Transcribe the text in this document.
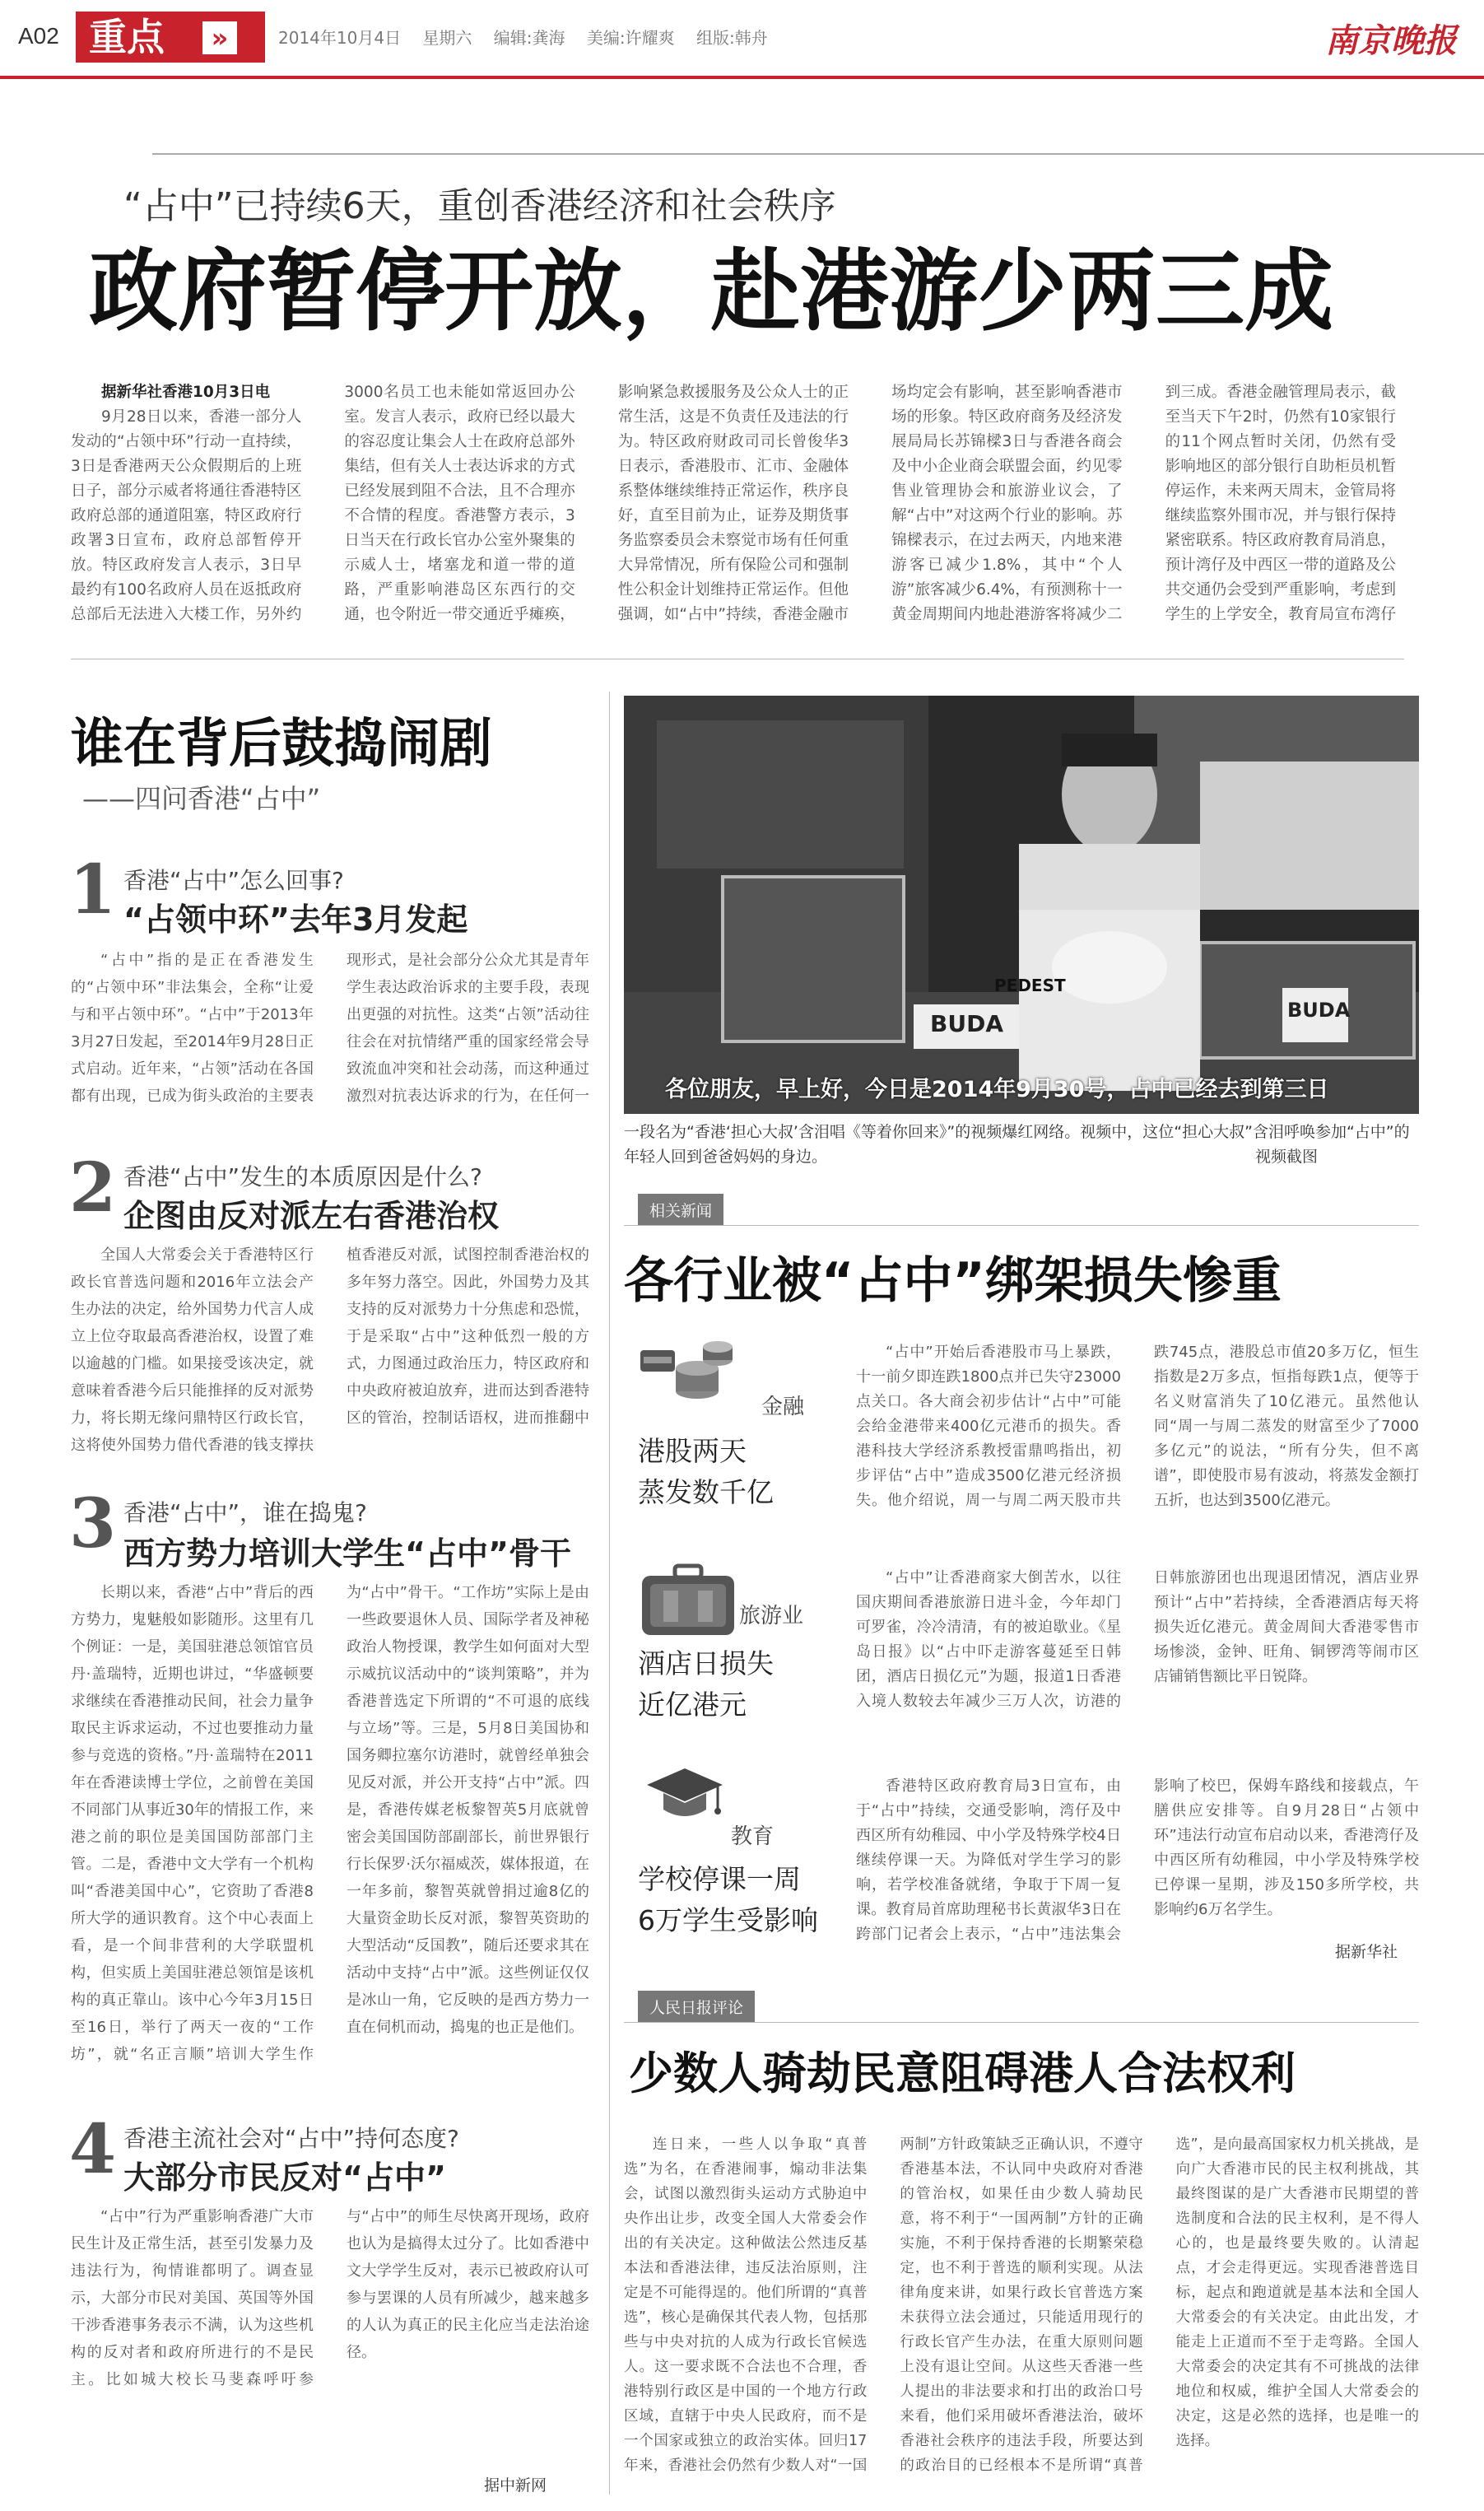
A02 重点	»	2014年10月4日  星期六  编辑:龚海  美编:许耀爽  组版:韩舟	南京晚报
“占中”已持续6天，重创香港经济和社会秩序
政府暂停开放，赴港游少两三成

据新华社香港10月3日电

9月28日以来，香港一部分人发动的“占领中环”行动一直持续，3日是香港两天公众假期后的上班日子，部分示威者将通往香港特区政府总部的通道阻塞，特区政府行政署3日宣布，政府总部暂停开放。特区政府发言人表示，3日早最约有100名政府人员在返抵政府总部后无法进入大楼工作，另外约3000名员工也未能如常返回办公室。发言人表示，政府已经以最大的容忍度让集会人士在政府总部外集结，但有关人士表达诉求的方式已经发展到阻不合法，且不合理亦不合情的程度。香港警方表示，3日当天在行政长官办公室外聚集的示威人士，堵塞龙和道一带的道路，严重影响港岛区东西行的交通，也令附近一带交通近乎瘫痪，影响紧急救援服务及公众人士的正常生活，这是不负责任及违法的行为。特区政府财政司司长曾俊华3日表示，香港股市、汇市、金融体系整体继续维持正常运作，秩序良好，直至目前为止，证券及期货事务监察委员会未察觉市场有任何重大异常情况，所有保险公司和强制性公积金计划维持正常运作。但他强调，如“占中”持续，香港金融市场均定会有影响，甚至影响香港市场的形象。特区政府商务及经济发展局局长苏锦樑3日与香港各商会及中小企业商会联盟会面，约见零售业管理协会和旅游业议会，了解“占中”对这两个行业的影响。苏锦樑表示，在过去两天，内地来港游客已减少1.8%，其中“个人游”旅客减少6.4%，有预测称十一黄金周期间内地赴港游客将减少二到三成。香港金融管理局表示，截至当天下午2时，仍然有10家银行的11个网点暂时关闭，仍然有受影响地区的部分银行自助柜员机暂停运作，未来两天周末，金管局将继续监察外围市况，并与银行保持紧密联系。特区政府教育局消息，预计湾仔及中西区一带的道路及公共交通仍会受到严重影响，考虑到学生的上学安全，教育局宣布湾仔

谁在背后鼓捣闹剧
——四问香港“占中”
1 香港“占中”怎么回事?
“占领中环”去年3月发起

“占中”指的是正在香港发生的“占领中环”非法集会，全称“让爱与和平占领中环”。“占中”于2013年3月27日发起，至2014年9月28日正式启动。近年来，“占领”活动在各国都有出现，已成为街头政治的主要表现形式，是社会部分公众尤其是青年学生表达政治诉求的主要手段，表现出更强的对抗性。这类“占领”活动往往会在对抗情绪严重的国家经常会导致流血冲突和社会动荡，而这种通过激烈对抗表达诉求的行为，在任何一

2 香港“占中”发生的本质原因是什么?
企图由反对派左右香港治权

全国人大常委会关于香港特区行政长官普选问题和2016年立法会产生办法的决定，给外国势力代言人成立上位夺取最高香港治权，设置了难以逾越的门槛。如果接受该决定，就意味着香港今后只能推择的反对派势力，将长期无缘问鼎特区行政长官，这将使外国势力借代香港的钱支撑扶植香港反对派，试图控制香港治权的多年努力落空。因此，外国势力及其支持的反对派势力十分焦虑和恐慌，于是采取“占中”这种低烈一般的方式，力图通过政治压力，特区政府和中央政府被迫放弃，进而达到香港特区的管治，控制话语权，进而推翻中

3 香港“占中”，谁在捣鬼?
西方势力培训大学生“占中”骨干

长期以来，香港“占中”背后的西方势力，鬼魅般如影随形。这里有几个例证：一是，美国驻港总领馆官员丹·盖瑞特，近期也讲过，“华盛顿要求继续在香港推动民间，社会力量争取民主诉求运动，不过也要推动力量参与竞选的资格。”丹·盖瑞特在2011年在香港读博士学位，之前曾在美国不同部门从事近30年的情报工作，来港之前的职位是美国国防部部门主管。二是，香港中文大学有一个机构叫“香港美国中心”，它资助了香港8所大学的通识教育。这个中心表面上看，是一个间非营利的大学联盟机构，但实质上美国驻港总领馆是该机构的真正靠山。该中心今年3月15日至16日，举行了两天一夜的“工作坊”，就“名正言顺”培训大学生作为“占中”骨干。“工作坊”实际上是由一些政要退休人员、国际学者及神秘政治人物授课，教学生如何面对大型示威抗议活动中的“谈判策略”，并为香港普选定下所谓的“不可退的底线与立场”等。三是，5月8日美国协和国务卿拉塞尔访港时，就曾经单独会见反对派，并公开支持“占中”派。四是，香港传媒老板黎智英5月底就曾密会美国国防部副部长，前世界银行行长保罗·沃尔福威茨，媒体报道，在一年多前，黎智英就曾捐过逾8亿的大量资金助长反对派，黎智英资助的大型活动“反国教”，随后还要求其在活动中支持“占中”派。这些例证仅仅是冰山一角，它反映的是西方势力一直在伺机而动，捣鬼的也正是他们。

4 香港主流社会对“占中”持何态度?
大部分市民反对“占中”

“占中”行为严重影响香港广大市民生计及正常生活，甚至引发暴力及违法行为，徇情谁都明了。调查显示，大部分市民对美国、英国等外国干涉香港事务表示不满，认为这些机构的反对者和政府所进行的不是民主。比如城大校长马斐森呼吁参与“占中”的师生尽快离开现场，政府也认为是搞得太过分了。比如香港中文大学学生反对，表示已被政府认可参与罢课的人员有所减少，越来越多的人认为真正的民主化应当走法治途径。

据中新网
BUDA
PEDEST
BUDA
各位朋友，早上好，今日是2014年9月30号，占中已经去到第三日
一段名为“香港‘担心大叔’含泪唱《等着你回来》”的视频爆红网络。视频中，这位“担心大叔”含泪呼唤参加“占中”的年轻人回到爸爸妈妈的身边。	视频截图
相关新闻
各行业被“占中”绑架损失惨重
金融
港股两天
蒸发数千亿

“占中”开始后香港股市马上暴跌，十一前夕即连跌1800点并已失守23000点关口。各大商会初步估计“占中”可能会给金港带来400亿元港币的损失。香港科技大学经济系教授雷鼎鸣指出，初步评估“占中”造成3500亿港元经济损失。他介绍说，周一与周二两天股市共跌745点，港股总市值20多万亿，恒生指数是2万多点，恒指每跌1点，便等于名义财富消失了10亿港元。虽然他认同“周一与周二蒸发的财富至少了7000多亿元”的说法，“所有分失，但不离谱”，即使股市易有波动，将蒸发金额打五折，也达到3500亿港元。

旅游业
酒店日损失
近亿港元

“占中”让香港商家大倒苦水，以往国庆期间香港旅游日进斗金，今年却门可罗雀，冷冷清清，有的被迫歇业。《星岛日报》以“占中吓走游客蔓延至日韩团，酒店日损亿元”为题，报道1日香港入境人数较去年减少三万人次，访港的日韩旅游团也出现退团情况，酒店业界预计“占中”若持续，全香港酒店每天将损失近亿港元。黄金周间大香港零售市场惨淡，金钟、旺角、铜锣湾等闹市区店铺销售额比平日锐降。

教育
学校停课一周
6万学生受影响

香港特区政府教育局3日宣布，由于“占中”持续，交通受影响，湾仔及中西区所有幼稚园、中小学及特殊学校4日继续停课一天。为降低对学生学习的影响，若学校准备就绪，争取于下周一复课。教育局首席助理秘书长黄淑华3日在跨部门记者会上表示，“占中”违法集会影响了校巴，保姆车路线和接载点，午膳供应安排等。自9月28日“占领中环”违法行动宣布启动以来，香港湾仔及中西区所有幼稚园，中小学及特殊学校已停课一星期，涉及150多所学校，共影响约6万名学生。

据新华社
人民日报评论
少数人骑劫民意阻碍港人合法权利

连日来，一些人以争取“真普选”为名，在香港闹事，煽动非法集会，试图以激烈街头运动方式胁迫中央作出让步，改变全国人大常委会作出的有关决定。这种做法公然违反基本法和香港法律，违反法治原则，注定是不可能得逞的。他们所谓的“真普选”，核心是确保其代表人物，包括那些与中央对抗的人成为行政长官候选人。这一要求既不合法也不合理，香港特别行政区是中国的一个地方行政区域，直辖于中央人民政府，而不是一个国家或独立的政治实体。回归17年来，香港社会仍然有少数人对“一国两制”方针政策缺乏正确认识，不遵守香港基本法，不认同中央政府对香港的管治权，如果任由少数人骑劫民意，将不利于“一国两制”方针的正确实施，不利于保持香港的长期繁荣稳定，也不利于普选的顺利实现。从法律角度来讲，如果行政长官普选方案未获得立法会通过，只能适用现行的行政长官产生办法，在重大原则问题上没有退让空间。从这些天香港一些人提出的非法要求和打出的政治口号来看，他们采用破坏香港法治，破坏香港社会秩序的违法手段，所要达到的政治目的已经根本不是所谓“真普选”，是向最高国家权力机关挑战，是向广大香港市民的民主权利挑战，其最终图谋的是广大香港市民期望的普选制度和合法的民主权利，是不得人心的，也是最终要失败的。认清起点，才会走得更远。实现香港普选目标，起点和跑道就是基本法和全国人大常委会的有关决定。由此出发，才能走上正道而不至于走弯路。全国人大常委会的决定其有不可挑战的法律地位和权威，维护全国人大常委会的决定，这是必然的选择，也是唯一的选择。
